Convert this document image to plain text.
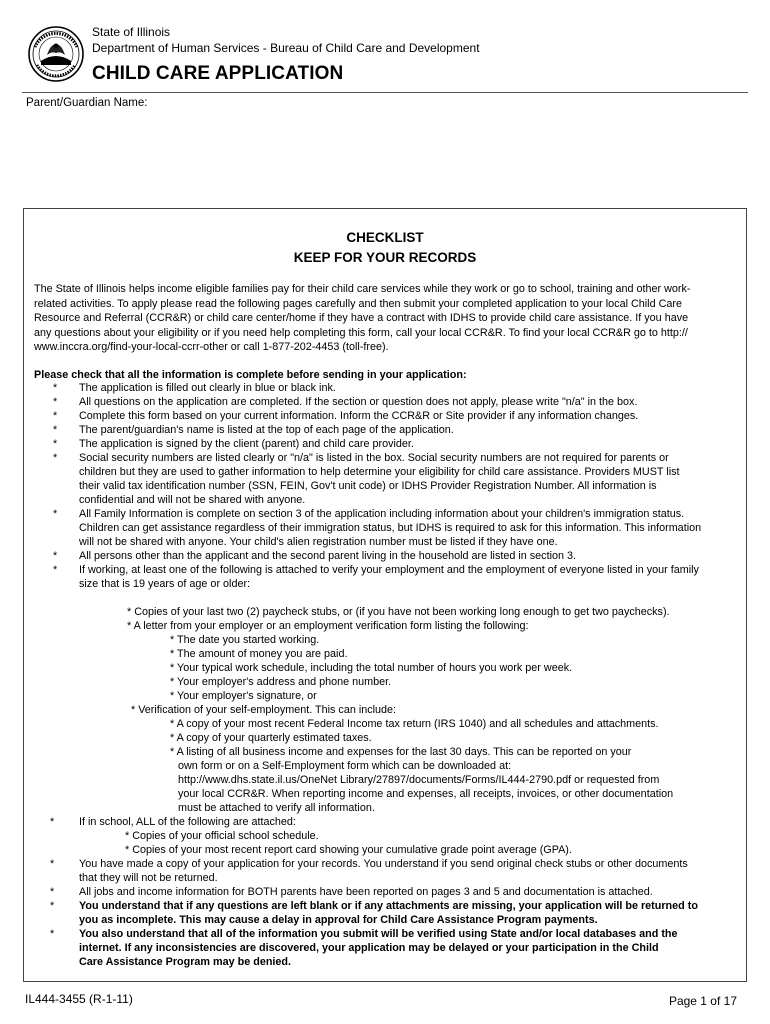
State of Illinois
Department of Human Services - Bureau of Child Care and Development
CHILD CARE APPLICATION
Parent/Guardian Name:
CHECKLIST
KEEP FOR YOUR RECORDS
The State of Illinois helps income eligible families pay for their child care services while they work or go to school, training and other work-
related activities. To apply please read the following pages carefully and then submit your completed application to your local Child Care
Resource and Referral (CCR&R) or child care center/home if they have a contract with IDHS to provide child care assistance. If you have
any questions about your eligibility or if you need help completing this form, call your local CCR&R. To find your local CCR&R go to http://
www.inccra.org/find-your-local-ccrr-other or call 1-877-202-4453 (toll-free).
Please check that all the information is complete before sending in your application:
* The application is filled out clearly in blue or black ink.
* All questions on the application are completed. If the section or question does not apply, please write "n/a" in the box.
* Complete this form based on your current information. Inform the CCR&R or Site provider if any information changes.
* The parent/guardian's name is listed at the top of each page of the application.
* The application is signed by the client (parent) and child care provider.
* Social security numbers are listed clearly or "n/a" is listed in the box. Social security numbers are not required for parents or
children but they are used to gather information to help determine your eligibility for child care assistance. Providers MUST list
their valid tax identification number (SSN, FEIN, Gov't unit code) or IDHS Provider Registration Number. All information is
confidential and will not be shared with anyone.
* All Family Information is complete on section 3 of the application including information about your children's immigration status.
Children can get assistance regardless of their immigration status, but IDHS is required to ask for this information. This information
will not be shared with anyone. Your child's alien registration number must be listed if they have one.
* All persons other than the applicant and the second parent living in the household are listed in section 3.
* If working, at least one of the following is attached to verify your employment and the employment of everyone listed in your family
size that is 19 years of age or older:
* Copies of your last two (2) paycheck stubs, or (if you have not been working long enough to get two paychecks).
* A letter from your employer or an employment verification form listing the following:
* The date you started working.
* The amount of money you are paid.
* Your typical work schedule, including the total number of hours you work per week.
* Your employer's address and phone number.
* Your employer's signature, or
* Verification of your self-employment. This can include:
* A copy of your most recent Federal Income tax return (IRS 1040) and all schedules and attachments.
* A copy of your quarterly estimated taxes.
* A listing of all business income and expenses for the last 30 days. This can be reported on your
own form or on a Self-Employment form which can be downloaded at:
http://www.dhs.state.il.us/OneNet Library/27897/documents/Forms/IL444-2790.pdf or requested from
your local CCR&R. When reporting income and expenses, all receipts, invoices, or other documentation
must be attached to verify all information.
* If in school, ALL of the following are attached:
* Copies of your official school schedule.
* Copies of your most recent report card showing your cumulative grade point average (GPA).
* You have made a copy of your application for your records. You understand if you send original check stubs or other documents
that they will not be returned.
* All jobs and income information for BOTH parents have been reported on pages 3 and 5 and documentation is attached.
* You understand that if any questions are left blank or if any attachments are missing, your application will be returned to
you as incomplete. This may cause a delay in approval for Child Care Assistance Program payments.
* You also understand that all of the information you submit will be verified using State and/or local databases and the
internet. If any inconsistencies are discovered, your application may be delayed or your participation in the Child
Care Assistance Program may be denied.
IL444-3455 (R-1-11)	Page 1 of 17
